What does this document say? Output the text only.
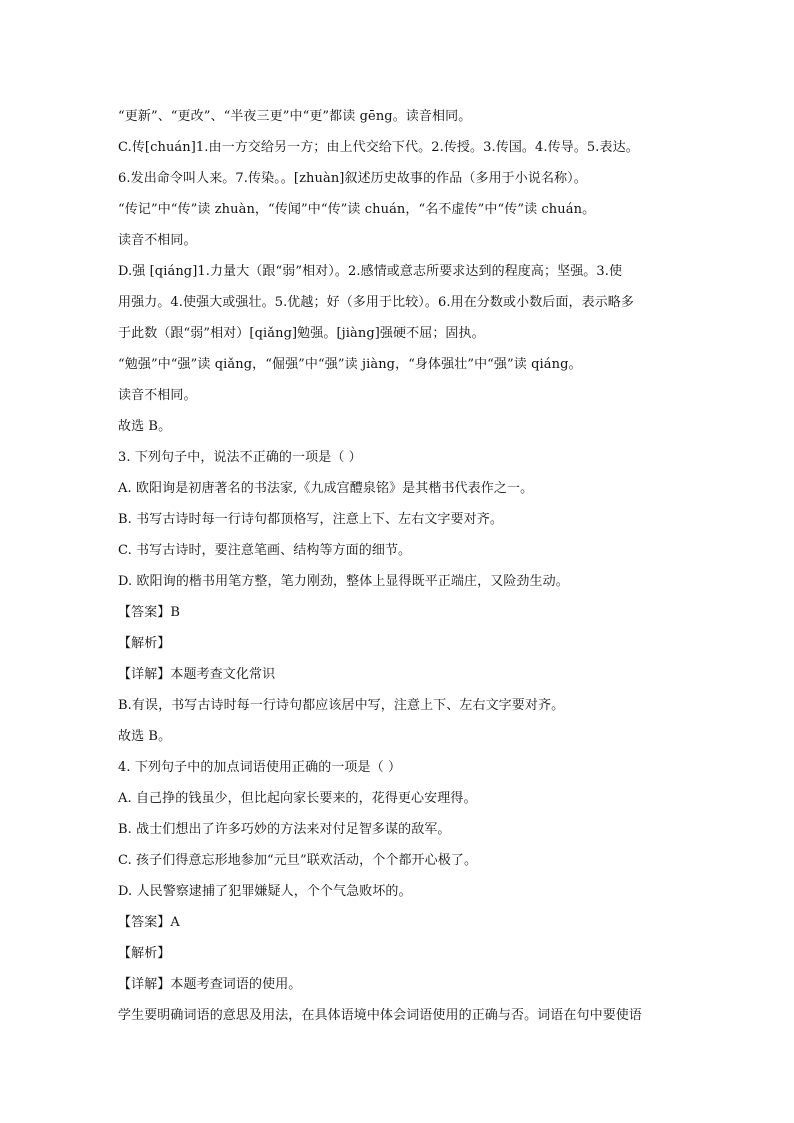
“更新”、“更改”、“半夜三更”中“更”都读 gēng。读音相同。
C.传[chuán]1.由一方交给另一方；由上代交给下代。2.传授。3.传国。4.传导。5.表达。
6.发出命令叫人来。7.传染。。[zhuàn]叙述历史故事的作品（多用于小说名称）。
“传记”中“传”读 zhuàn，“传闻”中“传”读 chuán，“名不虚传”中“传”读 chuán。
读音不相同。
D.强 [qiáng]1.力量大（跟“弱”相对）。2.感情或意志所要求达到的程度高；坚强。3.使
用强力。4.使强大或强壮。5.优越；好（多用于比较）。6.用在分数或小数后面，表示略多
于此数（跟“弱”相对）[qiǎng]勉强。[jiàng]强硬不屈；固执。
“勉强”中“强”读 qiǎng，“倔强”中“强”读 jiàng，“身体强壮”中“强”读 qiáng。
读音不相同。
故选 B。
3. 下列句子中，说法不正确的一项是（ ）
A. 欧阳询是初唐著名的书法家,《九成宫醴泉铭》是其楷书代表作之一。
B. 书写古诗时每一行诗句都顶格写，注意上下、左右文字要对齐。
C. 书写古诗时，要注意笔画、结构等方面的细节。
D. 欧阳询的楷书用笔方整，笔力刚劲，整体上显得既平正端庄，又险劲生动。
【答案】B
【解析】
【详解】本题考查文化常识
B.有误，书写古诗时每一行诗句都应该居中写，注意上下、左右文字要对齐。
故选 B。
4. 下列句子中的加点词语使用正确的一项是（ ）
A. 自己挣的钱虽少，但比起向家长要来的，花得更心安理得。
B. 战士们想出了许多巧妙的方法来对付足智多谋的敌军。
C. 孩子们得意忘形地参加“元旦”联欢活动，个个都开心极了。
D. 人民警察逮捕了犯罪嫌疑人，个个气急败坏的。
【答案】A
【解析】
【详解】本题考查词语的使用。
学生要明确词语的意思及用法，在具体语境中体会词语使用的正确与否。词语在句中要使语
